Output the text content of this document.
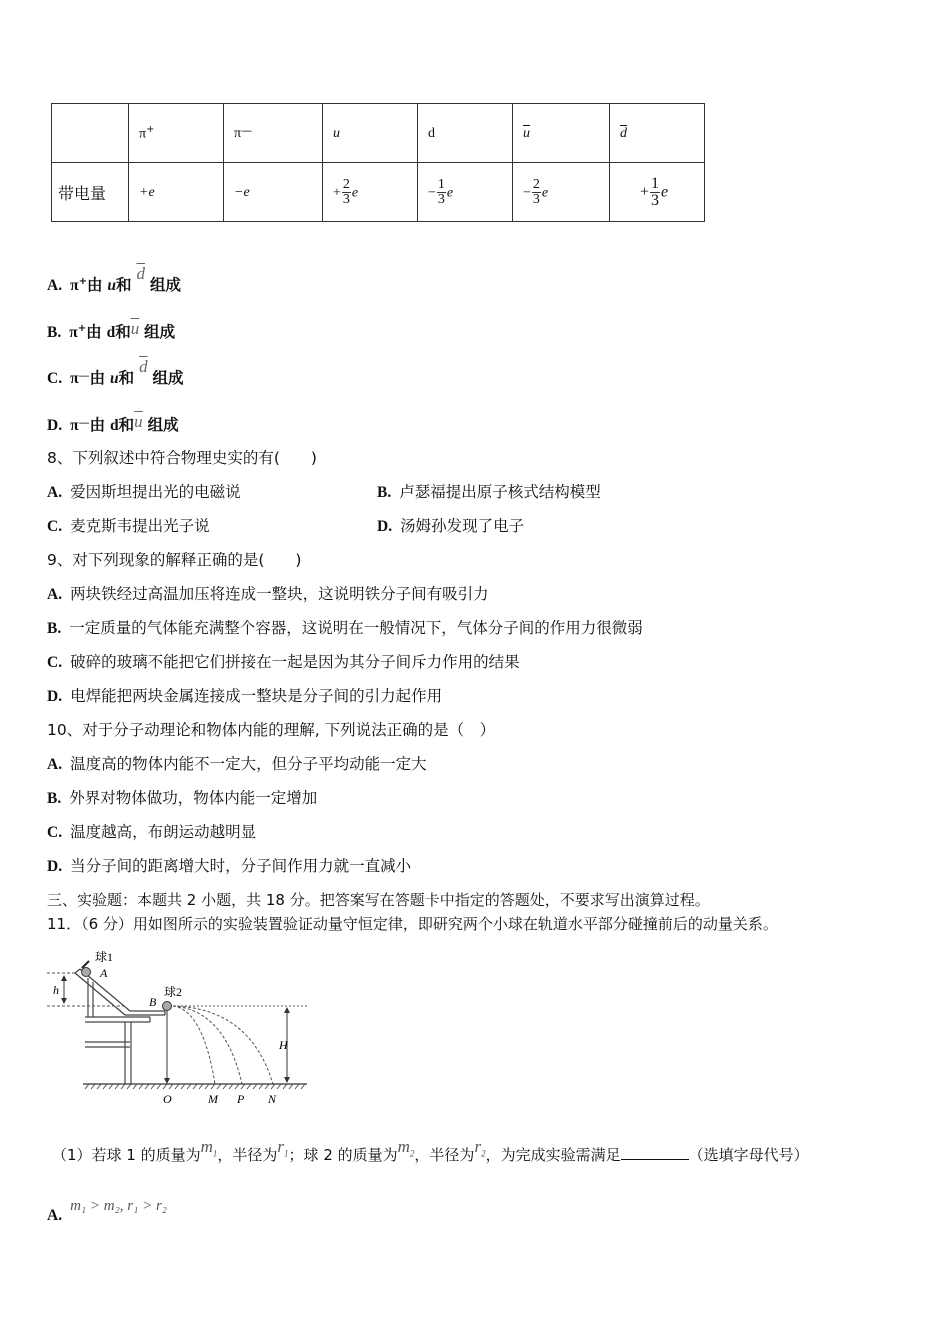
	π+	π—	u	d	$\overline{u}$	$\overline{d}$
带电量	+e	−e	+ $\frac{2}{3}$ e	− $\frac{1}{3}$ e	− $\frac{2}{3}$ e	+ $\frac{1}{3}$ e
A. π+由 u和 $\overline{d}$ 组成
B. π+由 d和$\overline{u}$ 组成
C. π—由 u和 $\overline{d}$ 组成
D. π—由 d和$\overline{u}$ 组成
8、下列叙述中符合物理史实的有(　　)
A. 爱因斯坦提出光的电磁说	B. 卢瑟福提出原子核式结构模型
C. 麦克斯韦提出光子说	D. 汤姆孙发现了电子
9、对下列现象的解释正确的是(　　)
A. 两块铁经过高温加压将连成一整块，这说明铁分子间有吸引力
B. 一定质量的气体能充满整个容器，这说明在一般情况下，气体分子间的作用力很微弱
C. 破碎的玻璃不能把它们拼接在一起是因为其分子间斥力作用的结果
D. 电焊能把两块金属连接成一整块是分子间的引力起作用
10、对于分子动理论和物体内能的理解, 下列说法正确的是（　）
A. 温度高的物体内能不一定大，但分子平均动能一定大
B. 外界对物体做功，物体内能一定增加
C. 温度越高，布朗运动越明显
D. 当分子间的距离增大时，分子间作用力就一直减小
三、实验题：本题共 2 小题，共 18 分。把答案写在答题卡中指定的答题处，不要求写出演算过程。
11．（6 分）用如图所示的实验装置验证动量守恒定律，即研究两个小球在轨道水平部分碰撞前后的动量关系。
球1
A
h
B
球2
H
O	M P N
（1）若球 1 的质量为$m_1$，半径为$r_1$；球 2 的质量为$m_2$，半径为$r_2$，为完成实验需满足	（选填字母代号）
A.m₁ > m₂, r₁ > r₂
